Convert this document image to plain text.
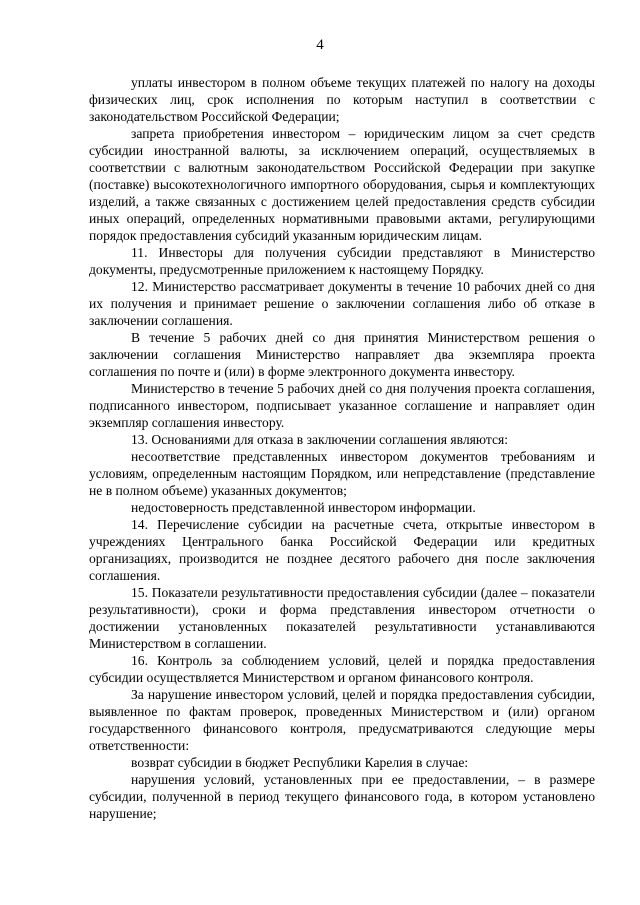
4

уплаты инвестором в полном объеме текущих платежей по налогу на доходы физических лиц, срок исполнения по которым наступил в соответствии с законодательством Российской Федерации;

запрета приобретения инвестором – юридическим лицом за счет средств субсидии иностранной валюты, за исключением операций, осуществляемых в соответствии с валютным законодательством Российской Федерации при закупке (поставке) высокотехнологичного импортного оборудования, сырья и комплектующих изделий, а также связанных с достижением целей предоставления средств субсидии иных операций, определенных нормативными правовыми актами, регулирующими порядок предоставления субсидий указанным юридическим лицам.

11. Инвесторы для получения субсидии представляют в Министерство документы, предусмотренные приложением к настоящему Порядку.

12. Министерство рассматривает документы в течение 10 рабочих дней со дня их получения и принимает решение о заключении соглашения либо об отказе в заключении соглашения.

В течение 5 рабочих дней со дня принятия Министерством решения о заключении соглашения Министерство направляет два экземпляра проекта соглашения по почте и (или) в форме электронного документа инвестору.

Министерство в течение 5 рабочих дней со дня получения проекта соглашения, подписанного инвестором, подписывает указанное соглашение и направляет один экземпляр соглашения инвестору.

13. Основаниями для отказа в заключении соглашения являются:

несоответствие представленных инвестором документов требованиям и условиям, определенным настоящим Порядком, или непредставление (представление не в полном объеме) указанных документов;

недостоверность представленной инвестором информации.

14. Перечисление субсидии на расчетные счета, открытые инвестором в учреждениях Центрального банка Российской Федерации или кредитных организациях, производится не позднее десятого рабочего дня после заключения соглашения.

15. Показатели результативности предоставления субсидии (далее – показатели результативности), сроки и форма представления инвестором отчетности о достижении установленных показателей результативности устанавливаются Министерством в соглашении.

16. Контроль за соблюдением условий, целей и порядка предоставления субсидии осуществляется Министерством и органом финансового контроля.

За нарушение инвестором условий, целей и порядка предоставления субсидии, выявленное по фактам проверок, проведенных Министерством и (или) органом государственного финансового контроля, предусматриваются следующие меры ответственности:

возврат субсидии в бюджет Республики Карелия в случае:

нарушения условий, установленных при ее предоставлении, – в размере субсидии, полученной в период текущего финансового года, в котором установлено нарушение;
